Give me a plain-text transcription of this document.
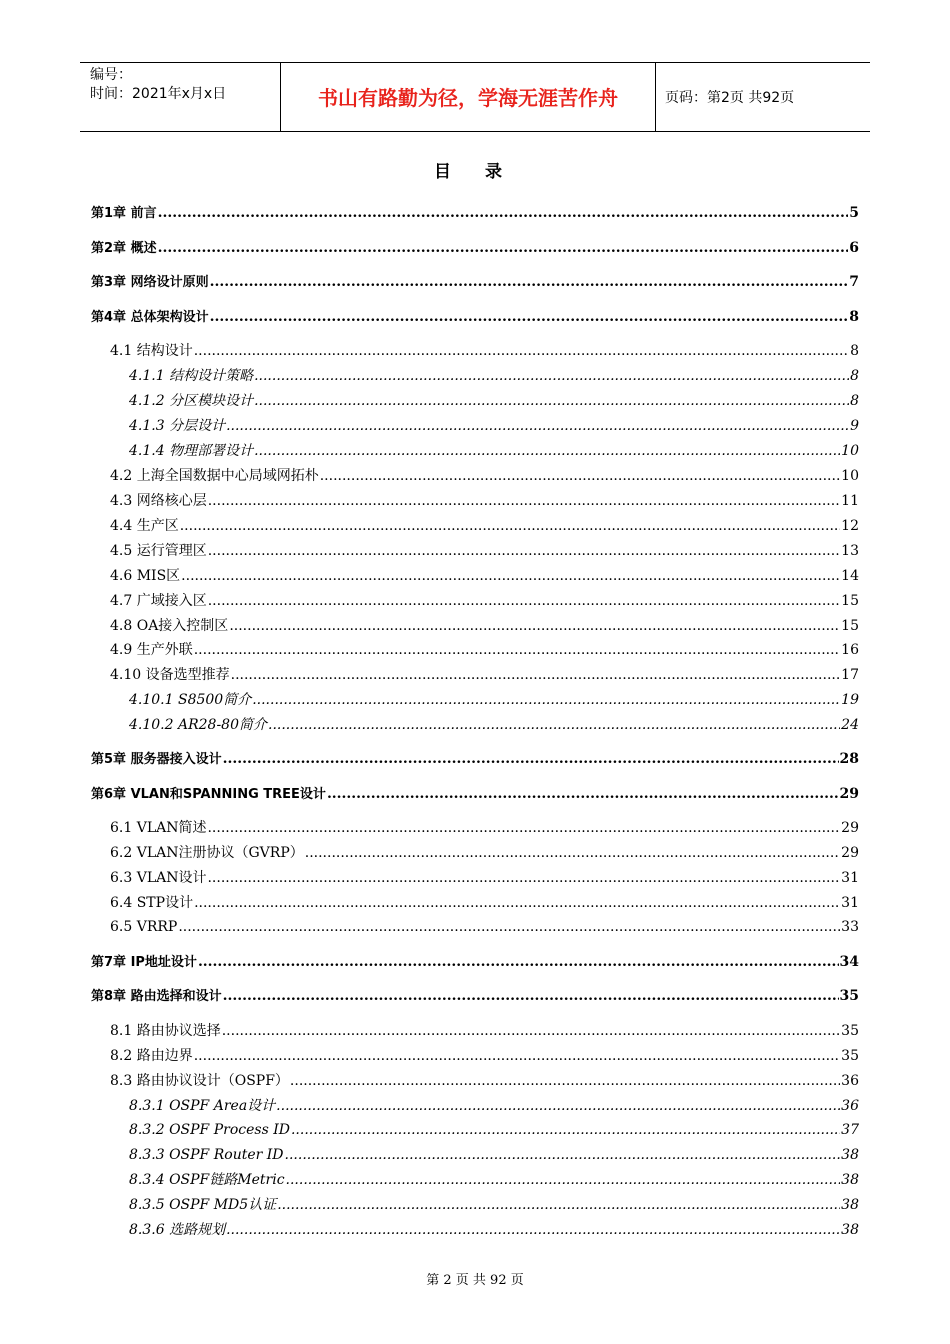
编号：
时间：2021年x月x日	书山有路勤为径，学海无涯苦作舟	页码：第2页 共92页
目 录
第1章 前言 .....	5
第2章 概述 .....	6
第3章 网络设计原则 .....	7
第4章 总体架构设计 .....	8
4.1 结构设计 .....	8
4.1.1 结构设计策略 .....	8
4.1.2 分区模块设计 .....	8
4.1.3 分层设计 .....	9
4.1.4 物理部署设计 .....	10
4.2 上海全国数据中心局域网拓朴 .....	10
4.3 网络核心层 .....	11
4.4 生产区 .....	12
4.5 运行管理区 .....	13
4.6 MIS区 .....	14
4.7 广域接入区 .....	15
4.8 OA接入控制区 .....	15
4.9 生产外联 .....	16
4.10 设备选型推荐 .....	17
4.10.1 S8500简介 .....	19
4.10.2 AR28-80简介 .....	24
第5章 服务器接入设计 .....	28
第6章 VLAN和SPANNING TREE设计 .....	29
6.1 VLAN简述 .....	29
6.2 VLAN注册协议（GVRP） .....	29
6.3 VLAN设计 .....	31
6.4 STP设计 .....	31
6.5 VRRP .....	33
第7章 IP地址设计 .....	34
第8章 路由选择和设计 .....	35
8.1 路由协议选择 .....	35
8.2 路由边界 .....	35
8.3 路由协议设计（OSPF） .....	36
8.3.1 OSPF Area设计 .....	36
8.3.2 OSPF Process ID .....	37
8.3.3 OSPF Router ID .....	38
8.3.4 OSPF链路Metric .....	38
8.3.5 OSPF MD5认证 .....	38
8.3.6 选路规划 .....	38
第 2 页 共 92 页
